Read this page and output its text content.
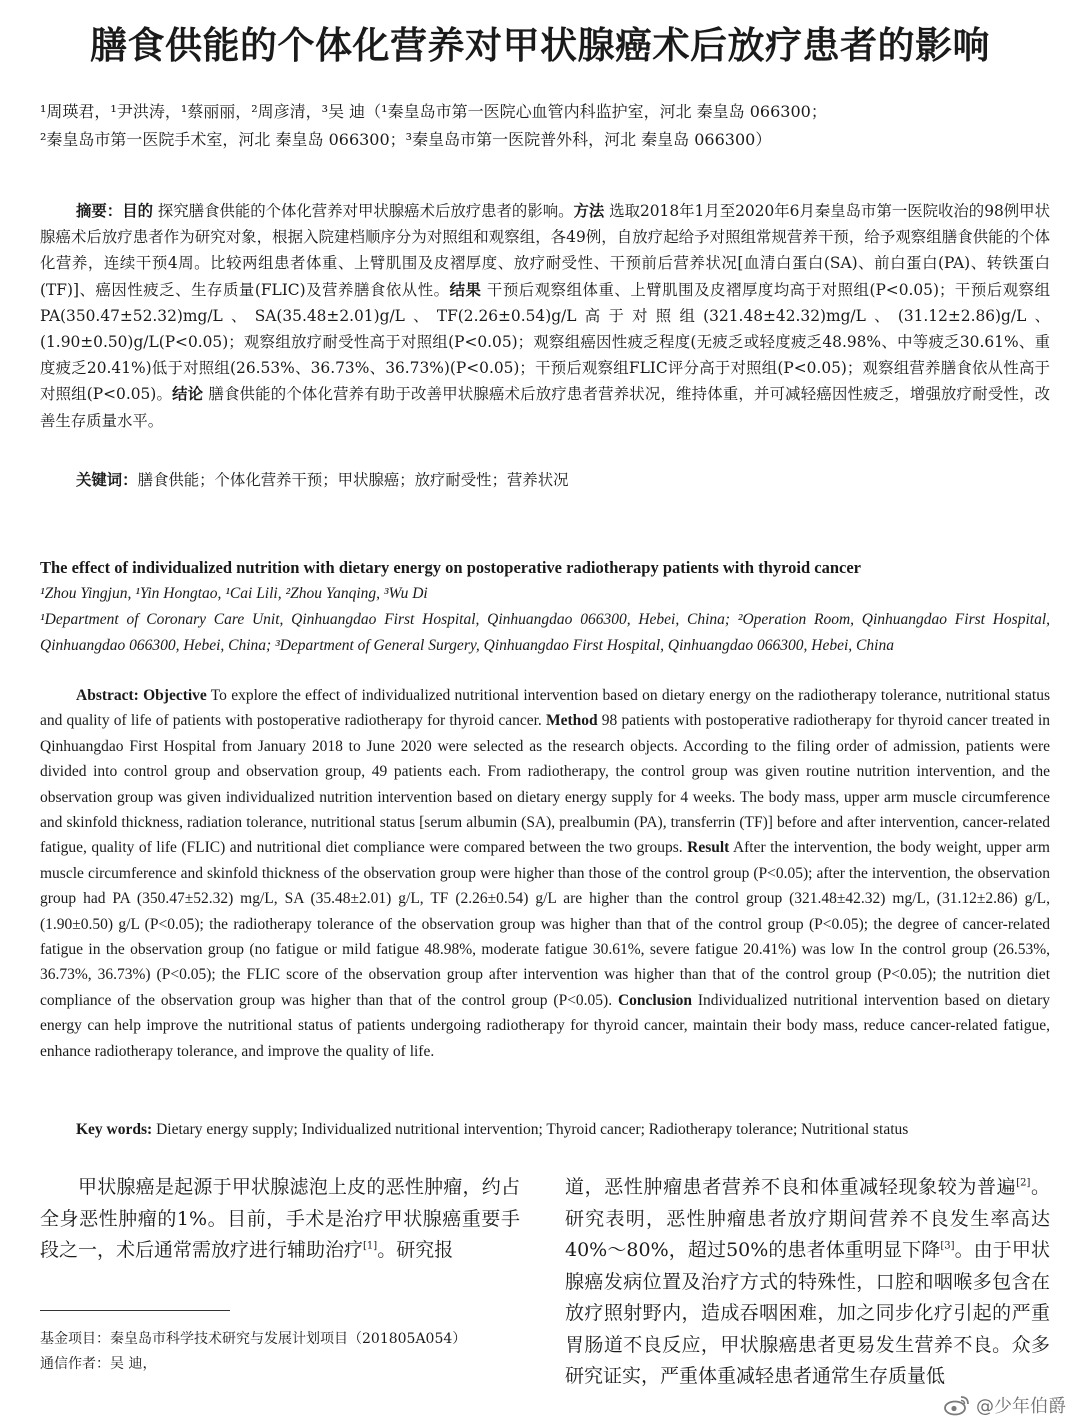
膳食供能的个体化营养对甲状腺癌术后放疗患者的影响
¹周瑛君，¹尹洪涛，¹蔡丽丽，²周彦清，³吴 迪（¹秦皇岛市第一医院心血管内科监护室，河北 秦皇岛 066300；
²秦皇岛市第一医院手术室，河北 秦皇岛 066300；³秦皇岛市第一医院普外科，河北 秦皇岛 066300）
摘要：目的 探究膳食供能的个体化营养对甲状腺癌术后放疗患者的影响。方法 选取2018年1月至2020年6月秦皇岛市第一医院收治的98例甲状腺癌术后放疗患者作为研究对象，根据入院建档顺序分为对照组和观察组，各49例，自放疗起给予对照组常规营养干预，给予观察组膳食供能的个体化营养，连续干预4周。比较两组患者体重、上臂肌围及皮褶厚度、放疗耐受性、干预前后营养状况[血清白蛋白(SA)、前白蛋白(PA)、转铁蛋白(TF)]、癌因性疲乏、生存质量(FLIC)及营养膳食依从性。结果 干预后观察组体重、上臂肌围及皮褶厚度均高于对照组(P<0.05)；干预后观察组PA(350.47±52.32)mg/L、SA(35.48±2.01)g/L、TF(2.26±0.54)g/L高于对照组(321.48±42.32)mg/L、(31.12±2.86)g/L、(1.90±0.50)g/L(P<0.05)；观察组放疗耐受性高于对照组(P<0.05)；观察组癌因性疲乏程度(无疲乏或轻度疲乏48.98%、中等疲乏30.61%、重度疲乏20.41%)低于对照组(26.53%、36.73%、36.73%)(P<0.05)；干预后观察组FLIC评分高于对照组(P<0.05)；观察组营养膳食依从性高于对照组(P<0.05)。结论 膳食供能的个体化营养有助于改善甲状腺癌术后放疗患者营养状况，维持体重，并可减轻癌因性疲乏，增强放疗耐受性，改善生存质量水平。
关键词：膳食供能；个体化营养干预；甲状腺癌；放疗耐受性；营养状况
The effect of individualized nutrition with dietary energy on postoperative radiotherapy patients with thyroid cancer
¹Zhou Yingjun, ¹Yin Hongtao, ¹Cai Lili, ²Zhou Yanqing, ³Wu Di
¹Department of Coronary Care Unit, Qinhuangdao First Hospital, Qinhuangdao 066300, Hebei, China; ²Operation Room, Qinhuangdao First Hospital, Qinhuangdao 066300, Hebei, China; ³Department of General Surgery, Qinhuangdao First Hospital, Qinhuangdao 066300, Hebei, China
Abstract: Objective To explore the effect of individualized nutritional intervention based on dietary energy on the radiotherapy tolerance, nutritional status and quality of life of patients with postoperative radiotherapy for thyroid cancer. Method 98 patients with postoperative radiotherapy for thyroid cancer treated in Qinhuangdao First Hospital from January 2018 to June 2020 were selected as the research objects. According to the filing order of admission, patients were divided into control group and observation group, 49 patients each. From radiotherapy, the control group was given routine nutrition intervention, and the observation group was given individualized nutrition intervention based on dietary energy supply for 4 weeks. The body mass, upper arm muscle circumference and skinfold thickness, radiation tolerance, nutritional status [serum albumin (SA), prealbumin (PA), transferrin (TF)] before and after intervention, cancer-related fatigue, quality of life (FLIC) and nutritional diet compliance were compared between the two groups. Result After the intervention, the body weight, upper arm muscle circumference and skinfold thickness of the observation group were higher than those of the control group (P<0.05); after the intervention, the observation group had PA (350.47±52.32) mg/L, SA (35.48±2.01) g/L, TF (2.26±0.54) g/L are higher than the control group (321.48±42.32) mg/L, (31.12±2.86) g/L, (1.90±0.50) g/L (P<0.05); the radiotherapy tolerance of the observation group was higher than that of the control group (P<0.05); the degree of cancer-related fatigue in the observation group (no fatigue or mild fatigue 48.98%, moderate fatigue 30.61%, severe fatigue 20.41%) was low In the control group (26.53%, 36.73%, 36.73%) (P<0.05); the FLIC score of the observation group after intervention was higher than that of the control group (P<0.05); the nutrition diet compliance of the observation group was higher than that of the control group (P<0.05). Conclusion Individualized nutritional intervention based on dietary energy can help improve the nutritional status of patients undergoing radiotherapy for thyroid cancer, maintain their body mass, reduce cancer-related fatigue, enhance radiotherapy tolerance, and improve the quality of life.
Key words: Dietary energy supply; Individualized nutritional intervention; Thyroid cancer; Radiotherapy tolerance; Nutritional status
甲状腺癌是起源于甲状腺滤泡上皮的恶性肿瘤，约占全身恶性肿瘤的1%。目前，手术是治疗甲状腺癌重要手段之一，术后通常需放疗进行辅助治疗[1]。研究报
道，恶性肿瘤患者营养不良和体重减轻现象较为普遍[2]。研究表明，恶性肿瘤患者放疗期间营养不良发生率高达40%～80%，超过50%的患者体重明显下降[3]。由于甲状腺癌发病位置及治疗方式的特殊性，口腔和咽喉多包含在放疗照射野内，造成吞咽困难，加之同步化疗引起的严重胃肠道不良反应，甲状腺癌患者更易发生营养不良。众多研究证实，严重体重减轻患者通常生存质量低
基金项目：秦皇岛市科学技术研究与发展计划项目（201805A054）
通信作者：吴 迪，
@少年伯爵
